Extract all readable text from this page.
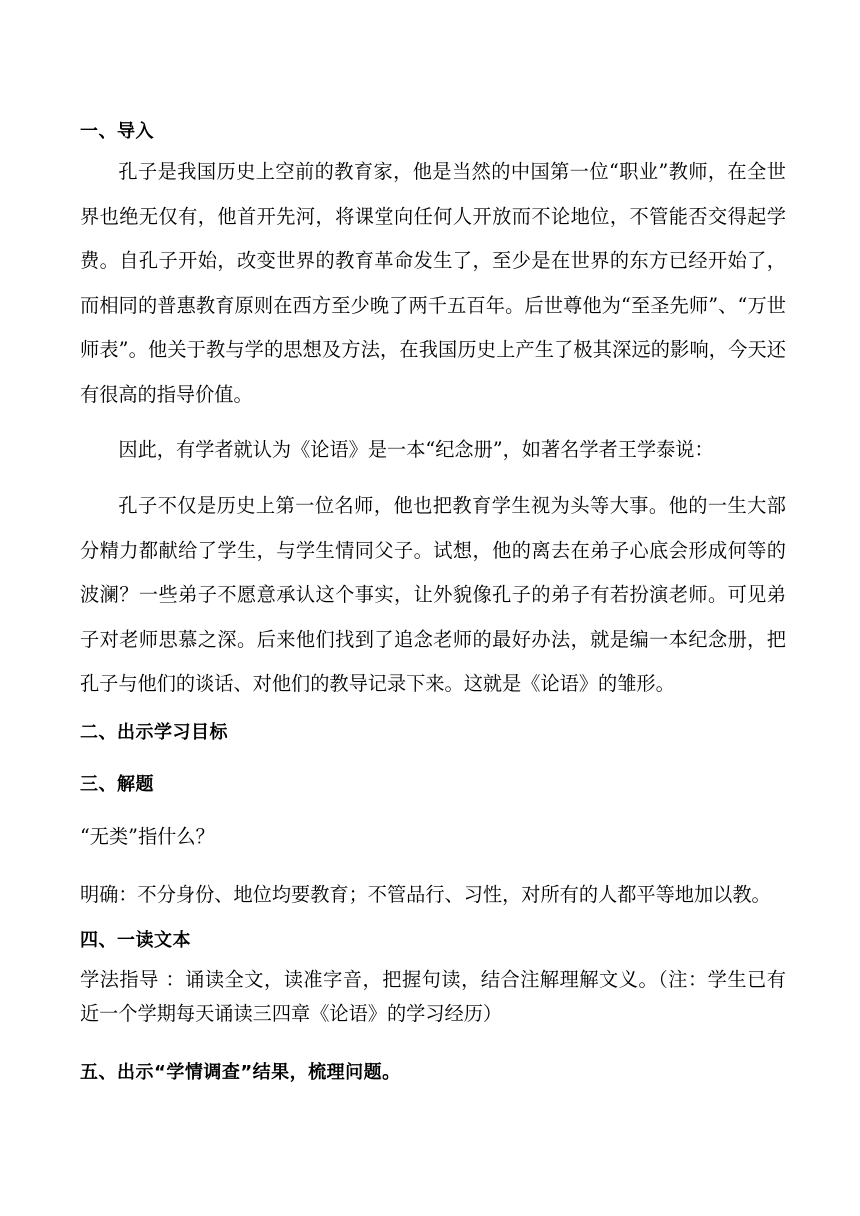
一、导入

孔子是我国历史上空前的教育家，他是当然的中国第一位“职业”教师，在全世界也绝无仅有，他首开先河，将课堂向任何人开放而不论地位，不管能否交得起学费。自孔子开始，改变世界的教育革命发生了，至少是在世界的东方已经开始了，而相同的普惠教育原则在西方至少晚了两千五百年。后世尊他为“至圣先师”、“万世师表”。他关于教与学的思想及方法，在我国历史上产生了极其深远的影响，今天还有很高的指导价值。

因此，有学者就认为《论语》是一本“纪念册”，如著名学者王学泰说：

孔子不仅是历史上第一位名师，他也把教育学生视为头等大事。他的一生大部分精力都献给了学生，与学生情同父子。试想，他的离去在弟子心底会形成何等的波澜？一些弟子不愿意承认这个事实，让外貌像孔子的弟子有若扮演老师。可见弟子对老师思慕之深。后来他们找到了追念老师的最好办法，就是编一本纪念册，把孔子与他们的谈话、对他们的教导记录下来。这就是《论语》的雏形。

二、出示学习目标
三、解题
“无类”指什么？
明确：不分身份、地位均要教育；不管品行、习性，对所有的人都平等地加以教。
四、一读文本

学法指导 ：诵读全文，读准字音，把握句读，结合注解理解文义。（注：学生已有近一个学期每天诵读三四章《论语》的学习经历）

五、出示“学情调查”结果，梳理问题。
